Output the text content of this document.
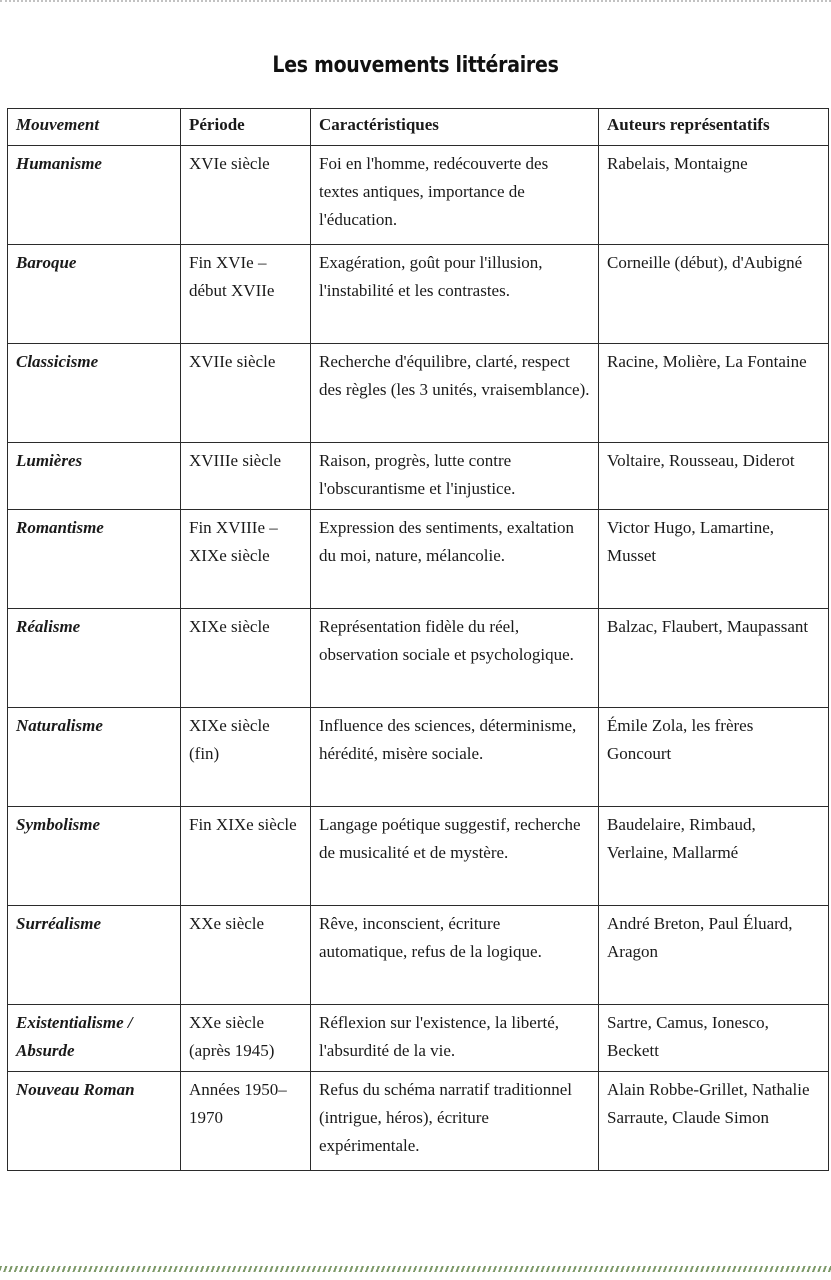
Les mouvements littéraires
Mouvement	Période	Caractéristiques	Auteurs représentatifs
Humanisme	XVIe siècle	Foi en l'homme, redécouverte des textes antiques, importance de l'éducation.	Rabelais, Montaigne
Baroque	Fin XVIe – début XVIIe	Exagération, goût pour l'illusion, l'instabilité et les contrastes.	Corneille (début), d'Aubigné
Classicisme	XVIIe siècle	Recherche d'équilibre, clarté, respect des règles (les 3 unités, vraisemblance).	Racine, Molière, La Fontaine
Lumières	XVIIIe siècle	Raison, progrès, lutte contre l'obscurantisme et l'injustice.	Voltaire, Rousseau, Diderot
Romantisme	Fin XVIIIe – XIXe siècle	Expression des sentiments, exaltation du moi, nature, mélancolie.	Victor Hugo, Lamartine, Musset
Réalisme	XIXe siècle	Représentation fidèle du réel, observation sociale et psychologique.	Balzac, Flaubert, Maupassant
Naturalisme	XIXe siècle (fin)	Influence des sciences, déterminisme, hérédité, misère sociale.	Émile Zola, les frères Goncourt
Symbolisme	Fin XIXe siècle	Langage poétique suggestif, recherche de musicalité et de mystère.	Baudelaire, Rimbaud, Verlaine, Mallarmé
Surréalisme	XXe siècle	Rêve, inconscient, écriture automatique, refus de la logique.	André Breton, Paul Éluard, Aragon
Existentialisme / Absurde	XXe siècle (après 1945)	Réflexion sur l'existence, la liberté, l'absurdité de la vie.	Sartre, Camus, Ionesco, Beckett
Nouveau Roman	Années 1950–1970	Refus du schéma narratif traditionnel (intrigue, héros), écriture expérimentale.	Alain Robbe-Grillet, Nathalie Sarraute, Claude Simon
